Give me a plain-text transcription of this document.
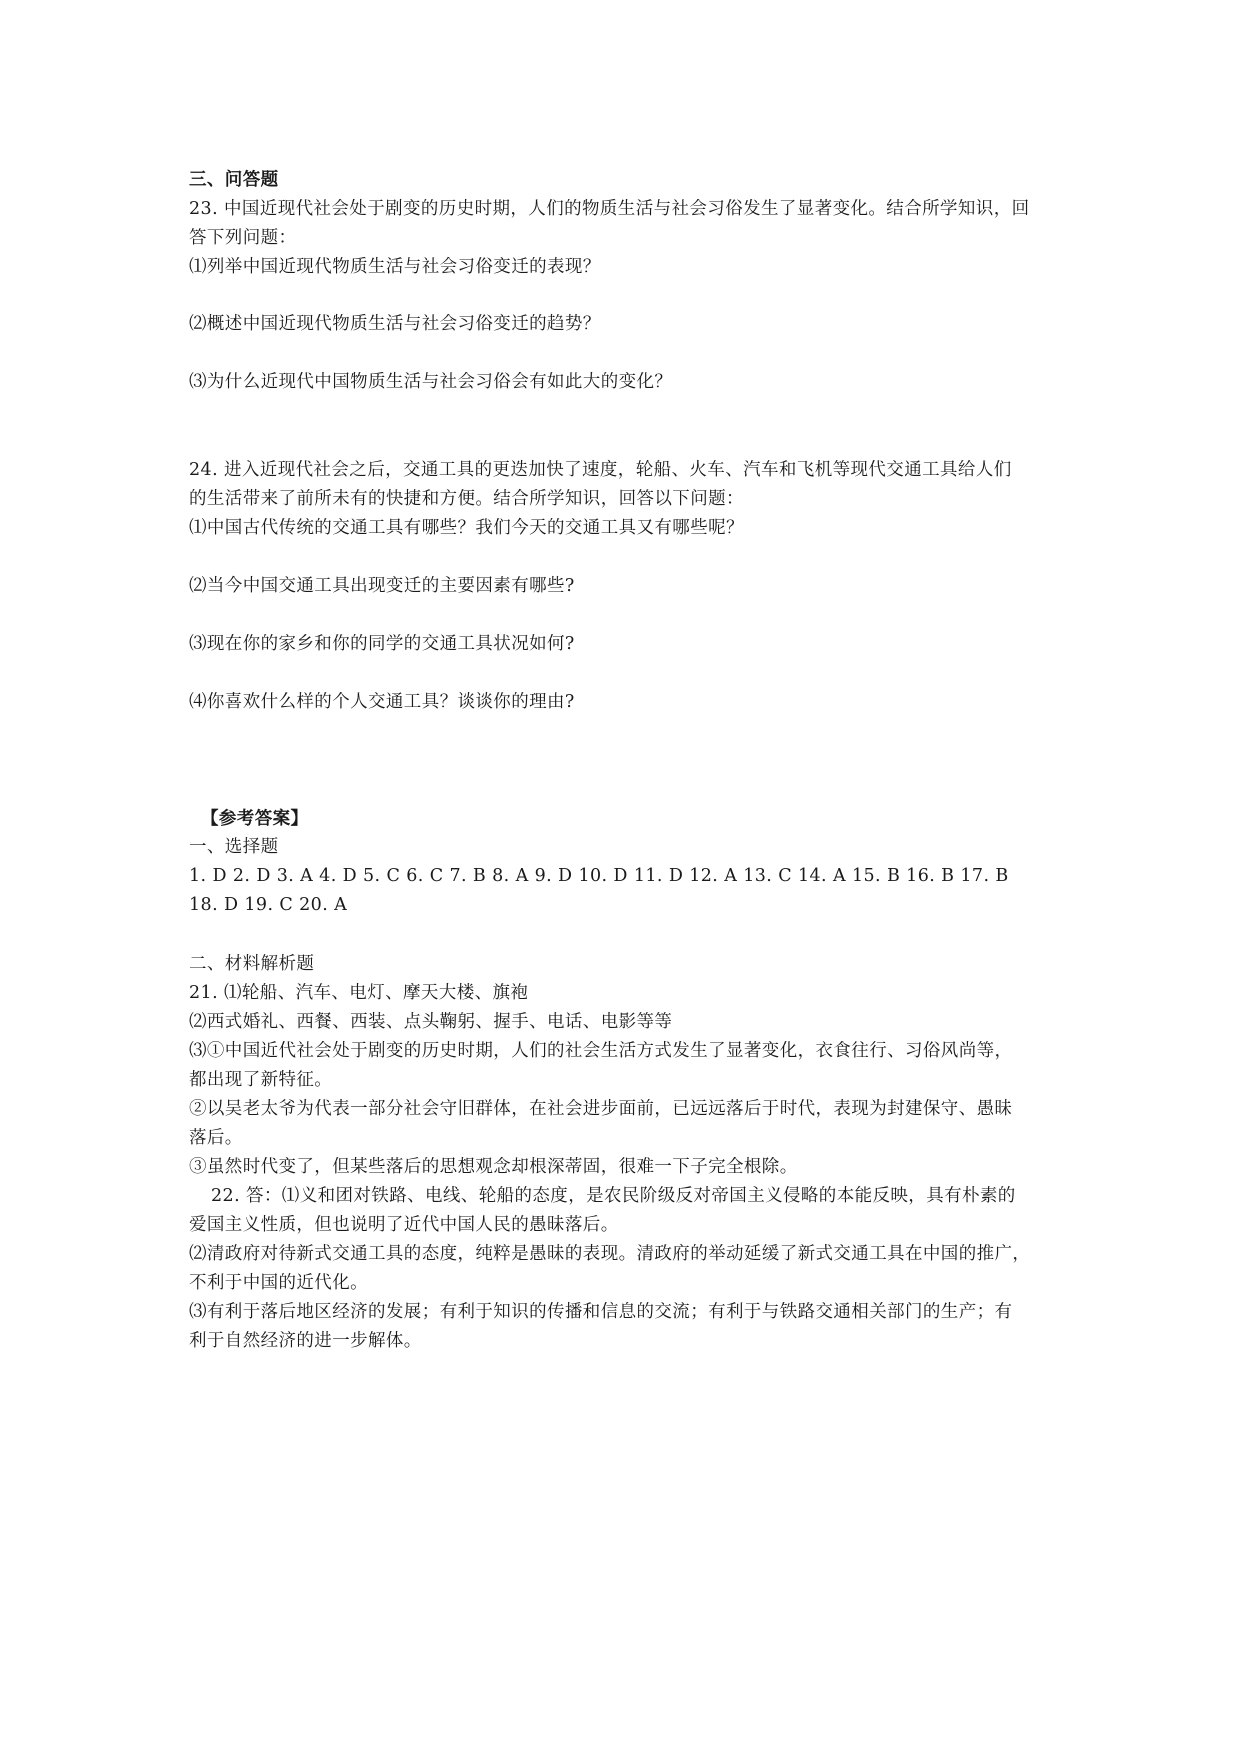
三、问答题
23. 中国近现代社会处于剧变的历史时期，人们的物质生活与社会习俗发生了显著变化。结合所学知识，回
答下列问题：
⑴列举中国近现代物质生活与社会习俗变迁的表现？
⑵概述中国近现代物质生活与社会习俗变迁的趋势？
⑶为什么近现代中国物质生活与社会习俗会有如此大的变化？
24. 进入近现代社会之后，交通工具的更迭加快了速度，轮船、火车、汽车和飞机等现代交通工具给人们
的生活带来了前所未有的快捷和方便。结合所学知识，回答以下问题：
⑴中国古代传统的交通工具有哪些？我们今天的交通工具又有哪些呢？
⑵当今中国交通工具出现变迁的主要因素有哪些?
⑶现在你的家乡和你的同学的交通工具状况如何?
⑷你喜欢什么样的个人交通工具？谈谈你的理由?
【参考答案】
一、选择题
1. D 2. D 3. A 4. D 5. C 6. C 7. B 8. A 9. D 10. D 11. D 12. A 13. C 14. A 15. B 16. B 17. B
18. D 19. C 20. A
二、材料解析题
21. ⑴轮船、汽车、电灯、摩天大楼、旗袍
⑵西式婚礼、西餐、西装、点头鞠躬、握手、电话、电影等等
⑶①中国近代社会处于剧变的历史时期，人们的社会生活方式发生了显著变化，衣食往行、习俗风尚等，
都出现了新特征。
②以吴老太爷为代表一部分社会守旧群体，在社会进步面前，已远远落后于时代，表现为封建保守、愚昧
落后。
③虽然时代变了，但某些落后的思想观念却根深蒂固，很难一下子完全根除。
22. 答：⑴义和团对铁路、电线、轮船的态度，是农民阶级反对帝国主义侵略的本能反映，具有朴素的
爱国主义性质，但也说明了近代中国人民的愚昧落后。
⑵清政府对待新式交通工具的态度，纯粹是愚昧的表现。清政府的举动延缓了新式交通工具在中国的推广，
不利于中国的近代化。
⑶有利于落后地区经济的发展；有利于知识的传播和信息的交流；有利于与铁路交通相关部门的生产；有
利于自然经济的进一步解体。
